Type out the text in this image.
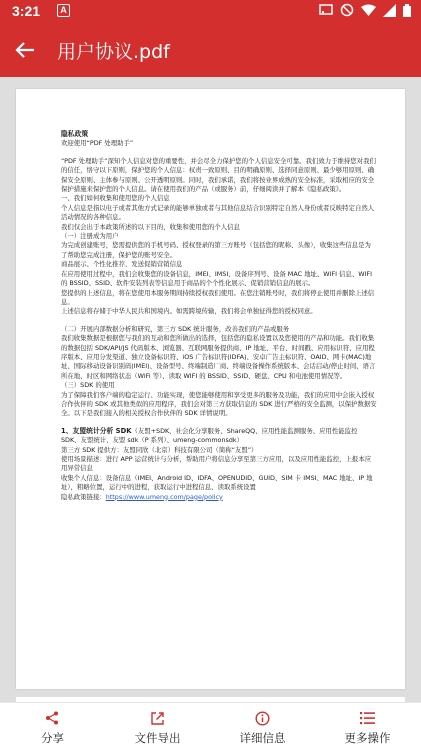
3:21	A
用户协议.pdf

隐私政策

欢迎使用“PDF 处理助手”

“PDF 处理助手”深知个人信息对您的重要性，并会尽全力保护您的个人信息安全可靠。我们致力于维持您对我们的信任，恪守以下原则，保护您的个人信息：权责一致原则、目的明确原则、选择同意原则、最少够用原则、确保安全原则、主体参与原则、公开透明原则。同时，我们承诺，我们将按业界成熟的安全标准，采取相应的安全保护措施来保护您的个人信息。请在使用我们的产品（或服务）前，仔细阅读并了解本《隐私政策》。

一、我们如何收集和使用您的个人信息

个人信息是指以电子或者其他方式记录的能够单独或者与其他信息结合识别特定自然人身份或者反映特定自然人活动情况的各种信息。

我们仅会出于本政策所述的以下目的，收集和使用您的个人信息

（一）注册成为用户

为完成创建账号，您需提供您的手机号码、授权登录的第三方账号（包括您的昵称、头像），收集这些信息是为了帮助您完成注册，保护您的账号安全。

商品展示、个性化推荐、发送促销营销信息

在应用使用过程中，我们会收集您的设备信息，IMEI、IMSI、设备序列号、设备 MAC 地址、WIFI 信息、WIFI 的 BSSID、SSID、软件安装列表等信息用于商品的个个性化展示、促销营销信息的展示。

您提供的上述信息，将在您使用本服务期间持续授权我们使用。在您注销账号时，我们将停止使用并删除上述信息。

上述信息将存储于中华人民共和国境内。如需跨境传输，我们将会单独征得您的授权同意。

（二）开展内部数据分析和研究，第三方 SDK 统计服务，改善我们的产品或服务

我们收集数据是根据您与我们的互动和您所做出的选择，包括您的隐私设置以及您使用的产品和功能。我们收集的数据包括 SDK/API/JS 代码版本、浏览器、互联网服务提供商、IP 地址、平台、时间戳、应用标识符、应用程序版本、应用分发渠道、独立设备标识符、iOS 广告标识符(IDFA)、安卓广告主标识符、OAID、网卡(MAC)地址、国际移动设备识别码(IMEI)、设备型号、终端制造厂商、终端设备操作系统版本、会话启动/停止时间、语言所在地、时区和网络状态（WiFi 等）、读取 WIFI 的 BSSID、SSID、硬盘、CPU 和电池使用情况等。

（三）SDK 的使用

为了保障我们客户端的稳定运行、功能实现，使您能够使用和享受更多的服务及功能，我们的应用中会嵌入授权合作伙伴的 SDK 或其他类似的应用程序，我们会对第三方获取信息的 SDK 进行严格的安全监测，以保护数据安全。以下是我们接入的相关授权合作伙伴的 SDK 详情说明。

1、友盟统计分析 SDK（友盟+SDK、社会化分享服务、ShareQQ、应用性能监测服务、应用性能监控 SDK、友盟统计、友盟 sdk（P 系列）、umeng-commonsdk）

第三方 SDK 提供方：友盟同欣（北京）科技有限公司（简称“友盟”）

使用场景描述：进行 APP 运营统计与分析，帮助用户将信息分享至第三方应用，以及应用性能监控，上报本应用异常信息

收集个人信息：设备信息（IMEI、Android ID、IDFA、OPENUDID、GUID、SIM 卡 IMSI、MAC 地址、IP 地址），粗略位置，运行中的进程，获取运行中进程信息、读取系统设置

隐私政策链接：https://www.umeng.com/page/policy

分享	文件导出	详细信息	更多操作
